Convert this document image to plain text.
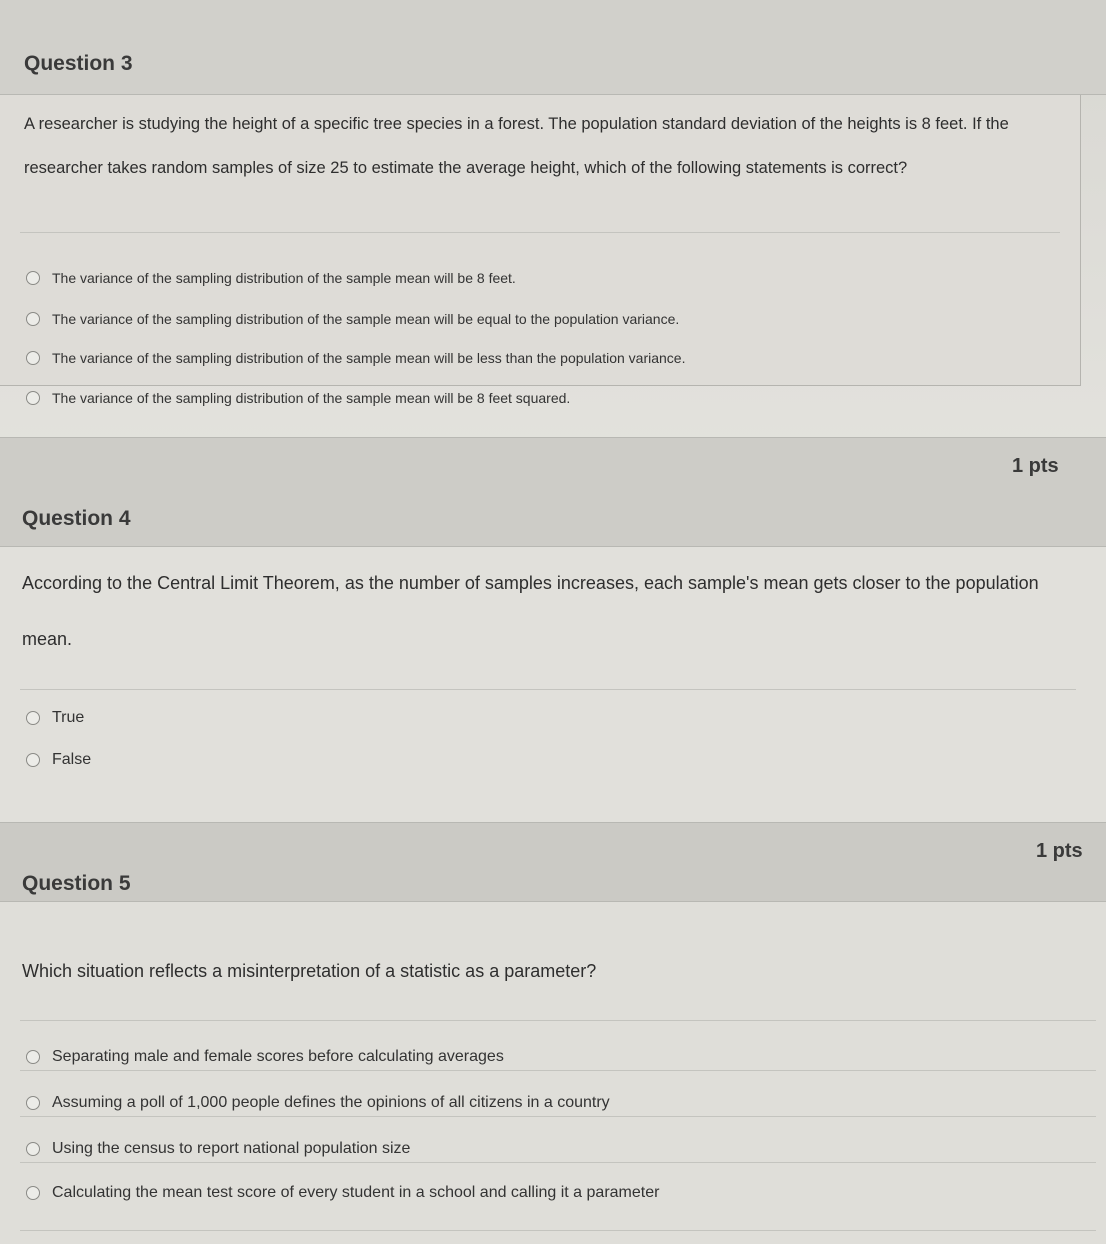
Question 3
A researcher is studying the height of a specific tree species in a forest. The population standard deviation of the heights is 8 feet. If the researcher takes random samples of size 25 to estimate the average height, which of the following statements is correct?
The variance of the sampling distribution of the sample mean will be 8 feet.
The variance of the sampling distribution of the sample mean will be equal to the population variance.
The variance of the sampling distribution of the sample mean will be less than the population variance.
The variance of the sampling distribution of the sample mean will be 8 feet squared.
1 pts
Question 4
According to the Central Limit Theorem, as the number of samples increases, each sample's mean gets closer to the population mean.
True
False
1 pts
Question 5
Which situation reflects a misinterpretation of a statistic as a parameter?
Separating male and female scores before calculating averages
Assuming a poll of 1,000 people defines the opinions of all citizens in a country
Using the census to report national population size
Calculating the mean test score of every student in a school and calling it a parameter
